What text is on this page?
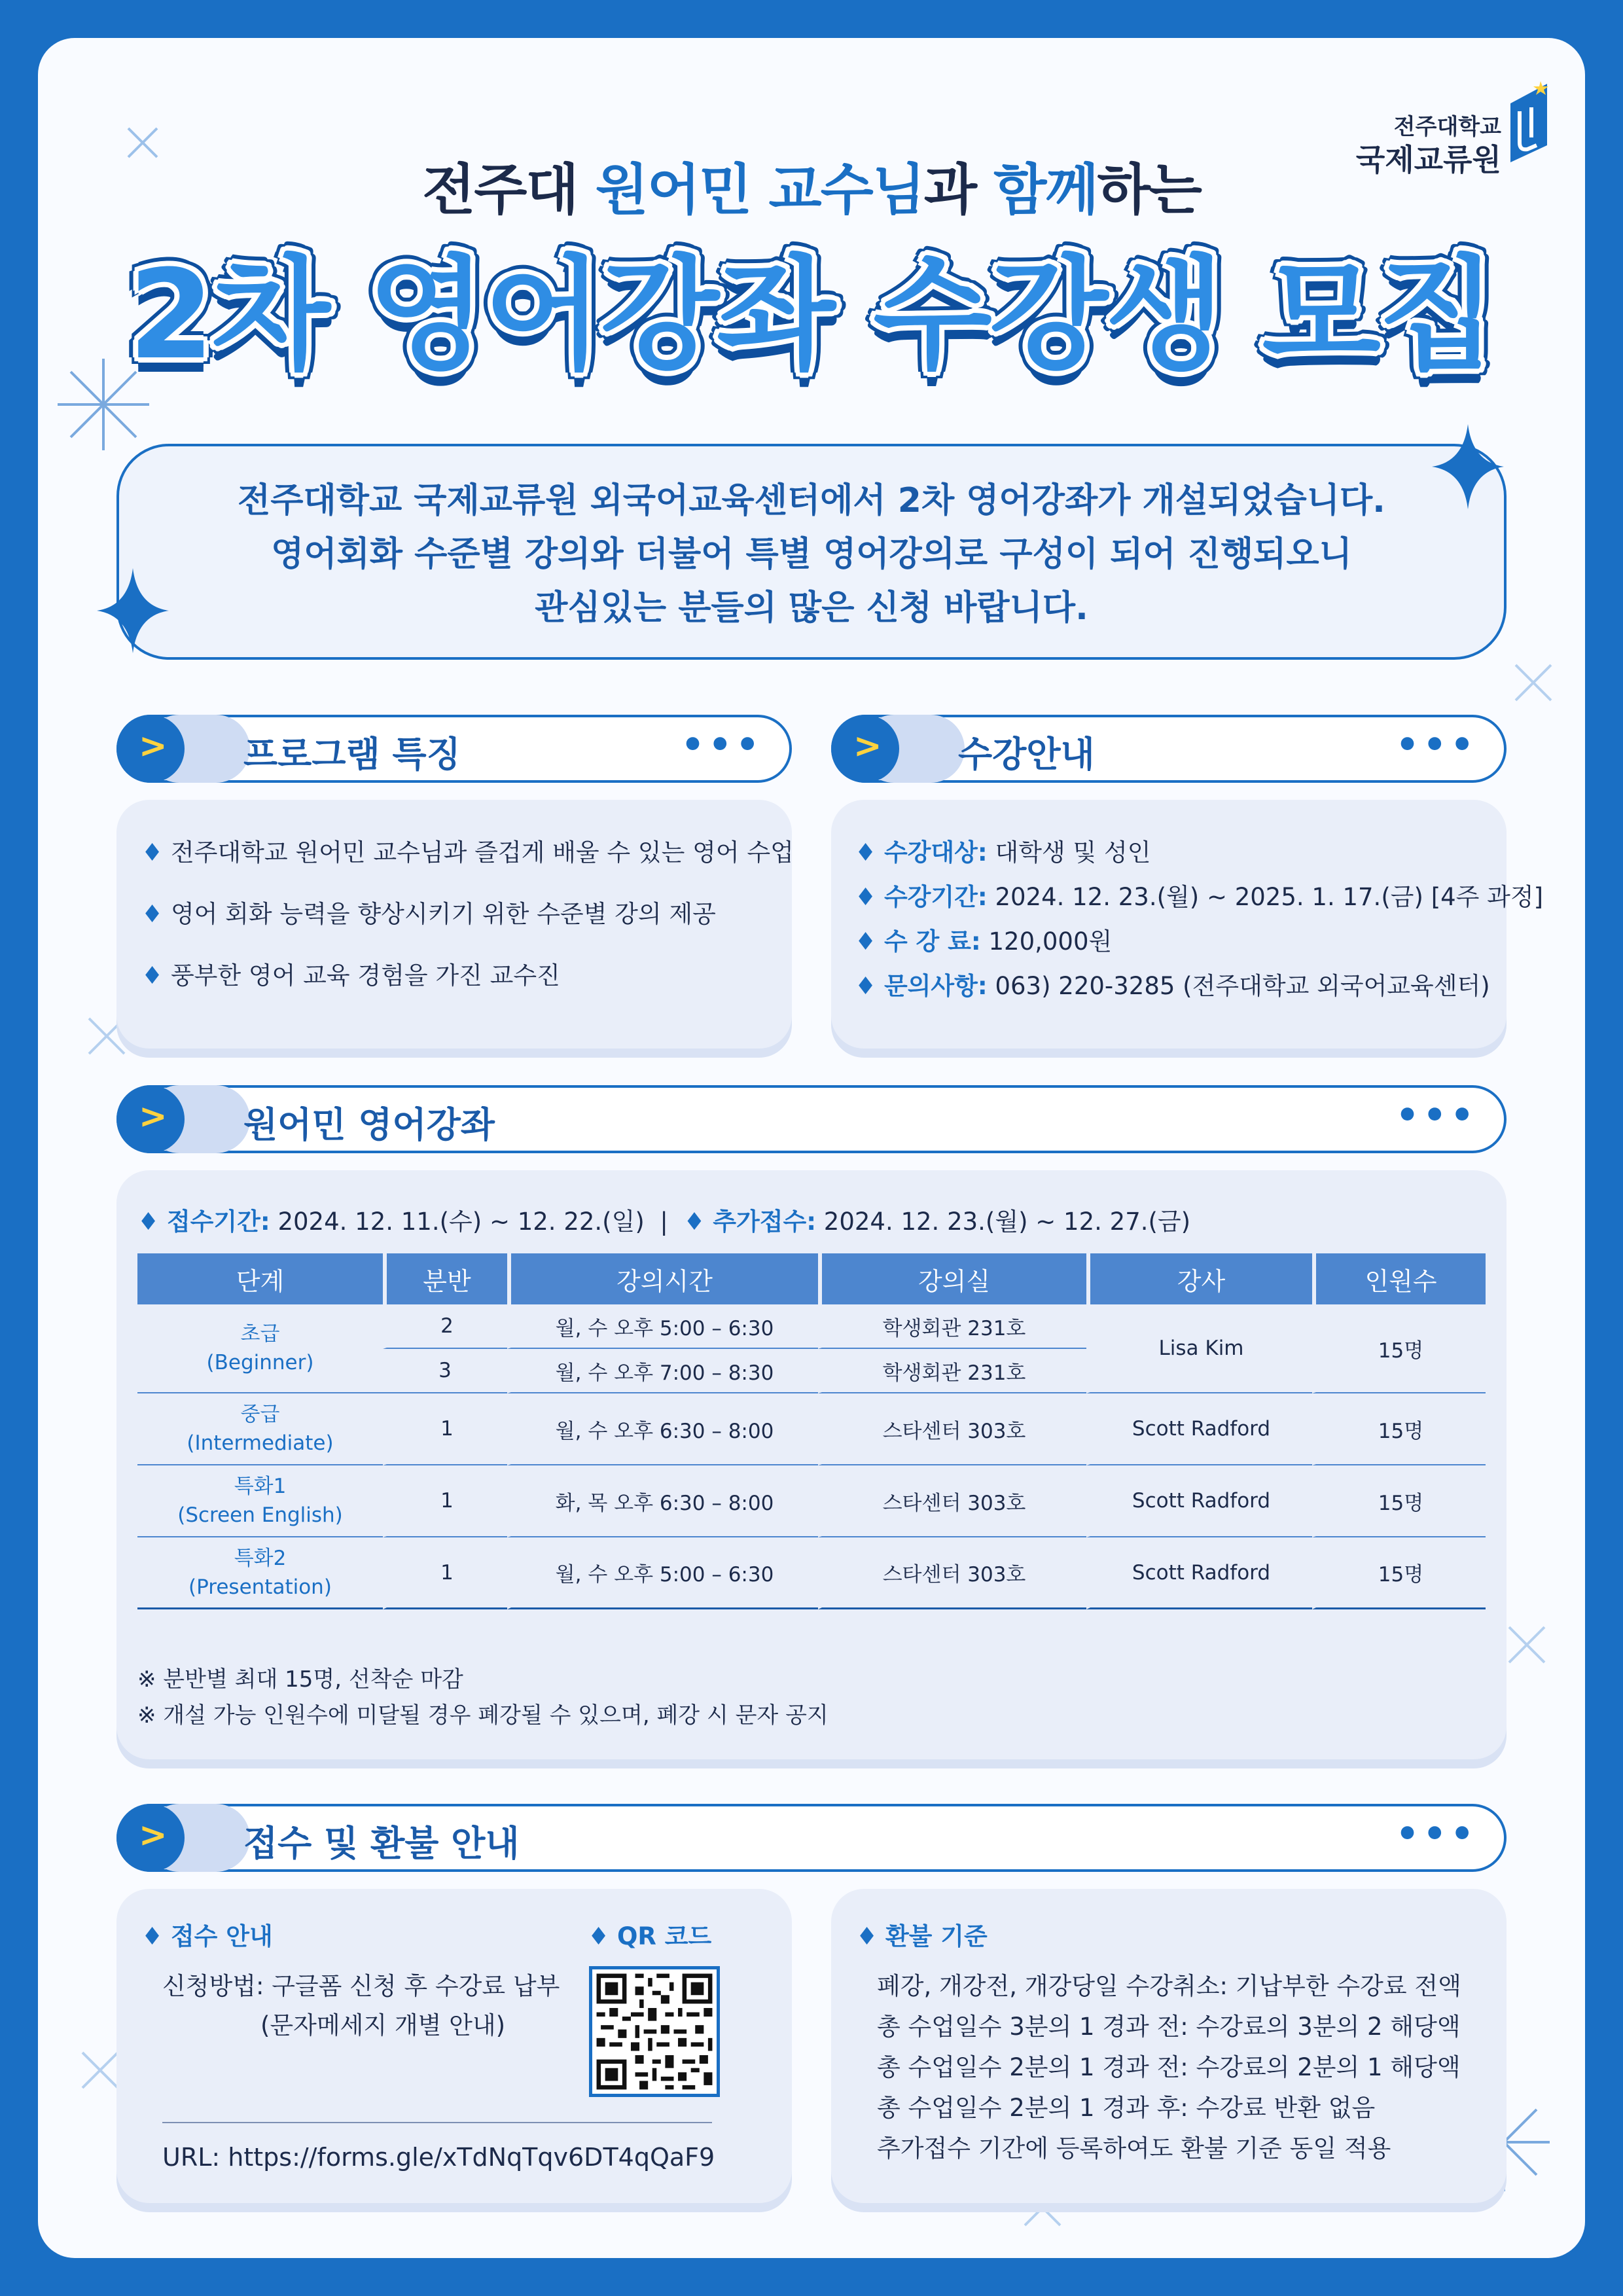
전주대학교
국제교류원
전주대 원어민 교수님과 함께하는
2차 영어강좌 수강생 모집
전주대학교 국제교류원 외국어교육센터에서 2차 영어강좌가 개설되었습니다.
영어회화 수준별 강의와 더불어 특별 영어강의로 구성이 되어 진행되오니
관심있는 분들의 많은 신청 바랍니다.
> 프로그램 특징	•••
♦ 전주대학교 원어민 교수님과 즐겁게 배울 수 있는 영어 수업
♦ 영어 회화 능력을 향상시키기 위한 수준별 강의 제공
♦ 풍부한 영어 교육 경험을 가진 교수진
> 수강안내	•••
♦ 수강대상: 대학생 및 성인
♦ 수강기간: 2024. 12. 23.(월) ~ 2025. 1. 17.(금) [4주 과정]
♦ 수 강 료: 120,000원
♦ 문의사항: 063) 220-3285 (전주대학교 외국어교육센터)
> 원어민 영어강좌	•••
♦ 접수기간: 2024. 12. 11.(수) ~ 12. 22.(일) | ♦ 추가접수: 2024. 12. 23.(월) ~ 12. 27.(금)
단계	분반	강의시간	강의실	강사	인원수
초급
(Beginner)	2	월, 수 오후 5:00 – 6:30	학생회관 231호	Lisa Kim	15명
	3	월, 수 오후 7:00 – 8:30	학생회관 231호		
중급
(Intermediate)	1	월, 수 오후 6:30 – 8:00	스타센터 303호	Scott Radford	15명
특화1
(Screen English)	1	화, 목 오후 6:30 – 8:00	스타센터 303호	Scott Radford	15명
특화2
(Presentation)	1	월, 수 오후 5:00 – 6:30	스타센터 303호	Scott Radford	15명
※ 분반별 최대 15명, 선착순 마감
※ 개설 가능 인원수에 미달될 경우 폐강될 수 있으며, 폐강 시 문자 공지
> 접수 및 환불 안내	•••
♦ 접수 안내	♦ QR 코드
신청방법: 구글폼 신청 후 수강료 납부
(문자메세지 개별 안내)
URL: https://forms.gle/xTdNqTqv6DT4qQaF9
♦ 환불 기준
폐강, 개강전, 개강당일 수강취소: 기납부한 수강료 전액
총 수업일수 3분의 1 경과 전: 수강료의 3분의 2 해당액
총 수업일수 2분의 1 경과 전: 수강료의 2분의 1 해당액
총 수업일수 2분의 1 경과 후: 수강료 반환 없음
추가접수 기간에 등록하여도 환불 기준 동일 적용
